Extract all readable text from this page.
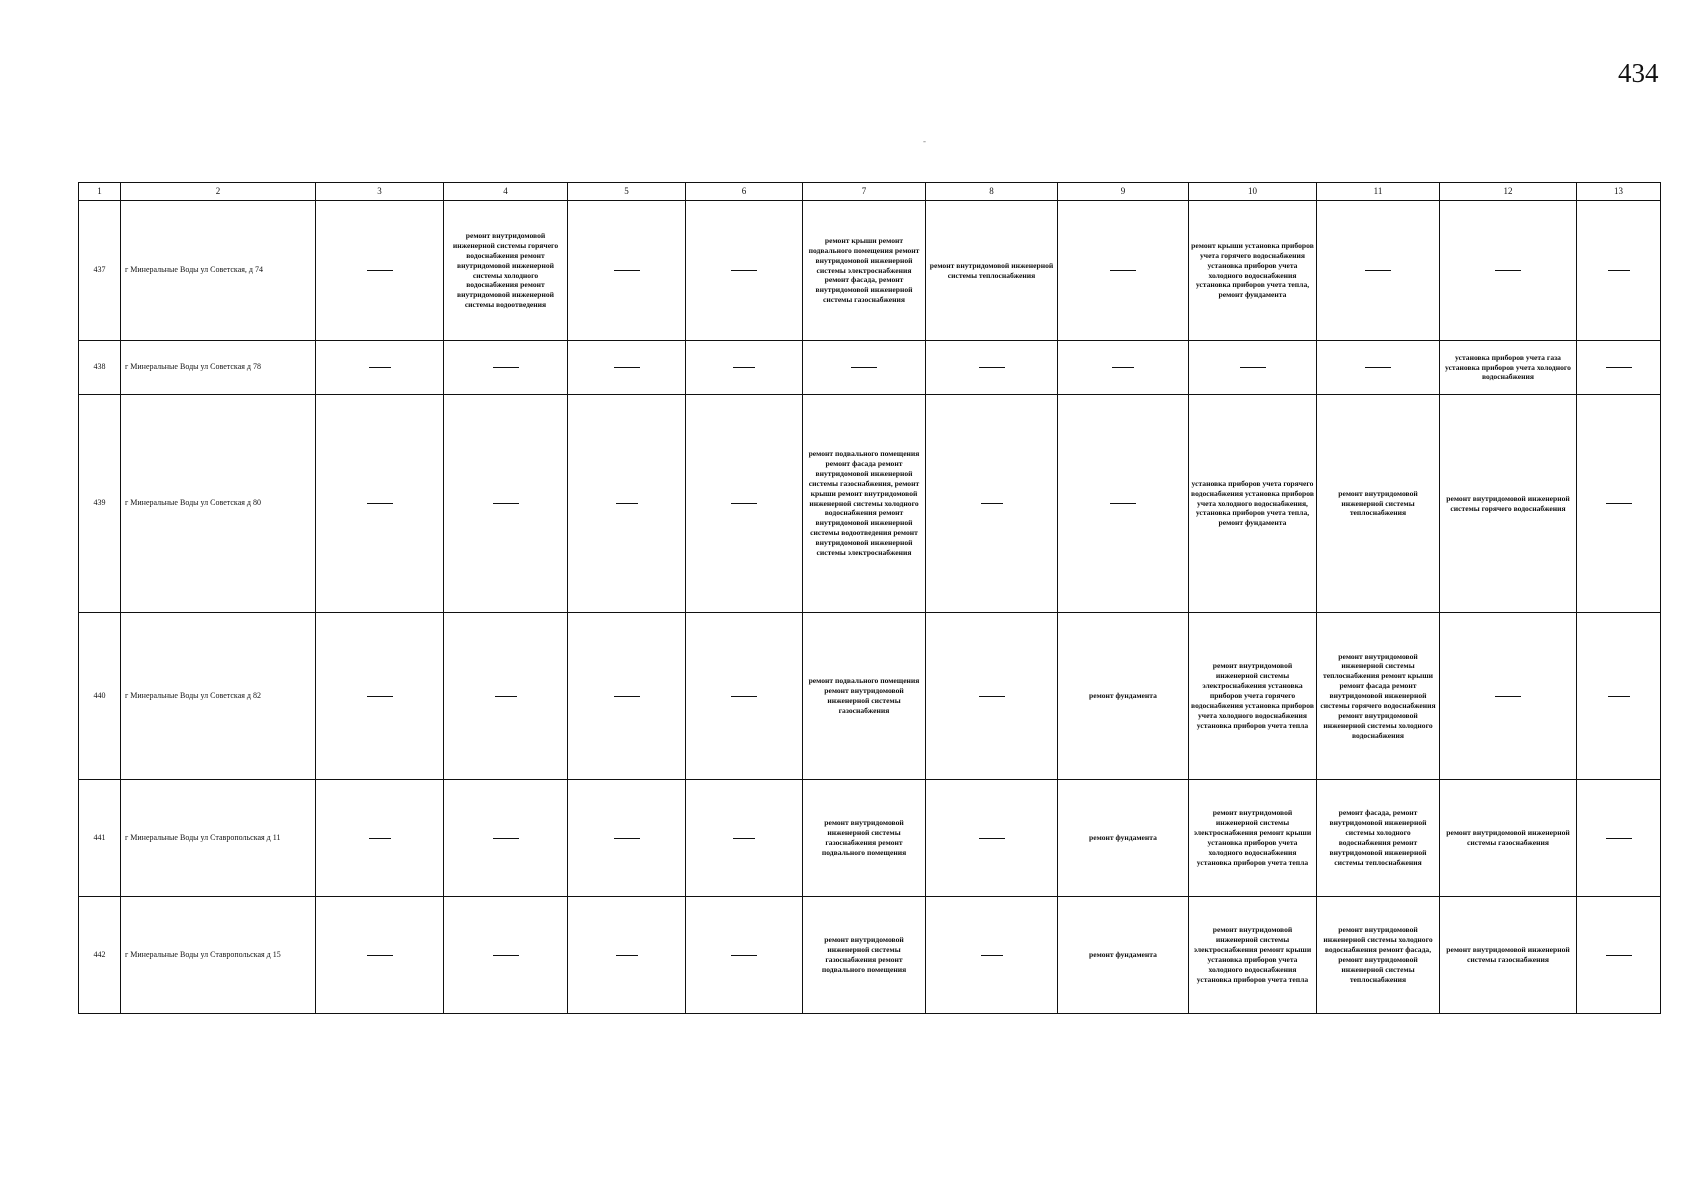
434
-
1	2	3	4	5	6	7	8	9	10	11	12	13
437	г Минеральные Воды ул Советская, д 74		ремонт внутридомовой инженерной системы горячего водоснабжения ремонт внутридомовой инженерной системы холодного водоснабжения ремонт внутридомовой инженерной системы водоотведения			ремонт крыши ремонт подвального помещения ремонт внутридомовой инженерной системы электроснабжения ремонт фасада, ремонт внутридомовой инженерной системы газоснабжения	ремонт внутридомовой инженерной системы теплоснабжения		ремонт крыши установка приборов учета горячего водоснабжения установка приборов учета холодного водоснабжения установка приборов учета тепла, ремонт фундамента			
438	г Минеральные Воды ул Советская д 78										установка приборов учета газа установка приборов учета холодного водоснабжения	
439	г Минеральные Воды ул Советская д 80					ремонт подвального помещения ремонт фасада ремонт внутридомовой инженерной системы газоснабжения, ремонт крыши ремонт внутридомовой инженерной системы холодного водоснабжения ремонт внутридомовой инженерной системы водоотведения ремонт внутридомовой инженерной системы электроснабжения			установка приборов учета горячего водоснабжения установка приборов учета холодного водоснабжения, установка приборов учета тепла, ремонт фундамента	ремонт внутридомовой инженерной системы теплоснабжения	ремонт внутридомовой инженерной системы горячего водоснабжения	
440	г Минеральные Воды ул Советская д 82					ремонт подвального помещения ремонт внутридомовой инженерной системы газоснабжения		ремонт фундамента	ремонт внутридомовой инженерной системы электроснабжения установка приборов учета горячего водоснабжения установка приборов учета холодного водоснабжения установка приборов учета тепла	ремонт внутридомовой инженерной системы теплоснабжения ремонт крыши ремонт фасада ремонт внутридомовой инженерной системы горячего водоснабжения ремонт внутридомовой инженерной системы холодного водоснабжения		
441	г Минеральные Воды ул Ставропольская д 11					ремонт внутридомовой инженерной системы газоснабжения ремонт подвального помещения		ремонт фундамента	ремонт внутридомовой инженерной системы электроснабжения ремонт крыши установка приборов учета холодного водоснабжения установка приборов учета тепла	ремонт фасада, ремонт внутридомовой инженерной системы холодного водоснабжения ремонт внутридомовой инженерной системы теплоснабжения	ремонт внутридомовой инженерной системы газоснабжения	
442	г Минеральные Воды ул Ставропольская д 15					ремонт внутридомовой инженерной системы газоснабжения ремонт подвального помещения		ремонт фундамента	ремонт внутридомовой инженерной системы электроснабжения ремонт крыши установка приборов учета холодного водоснабжения установка приборов учета тепла	ремонт внутридомовой инженерной системы холодного водоснабжения ремонт фасада, ремонт внутридомовой инженерной системы теплоснабжения	ремонт внутридомовой инженерной системы газоснабжения	
